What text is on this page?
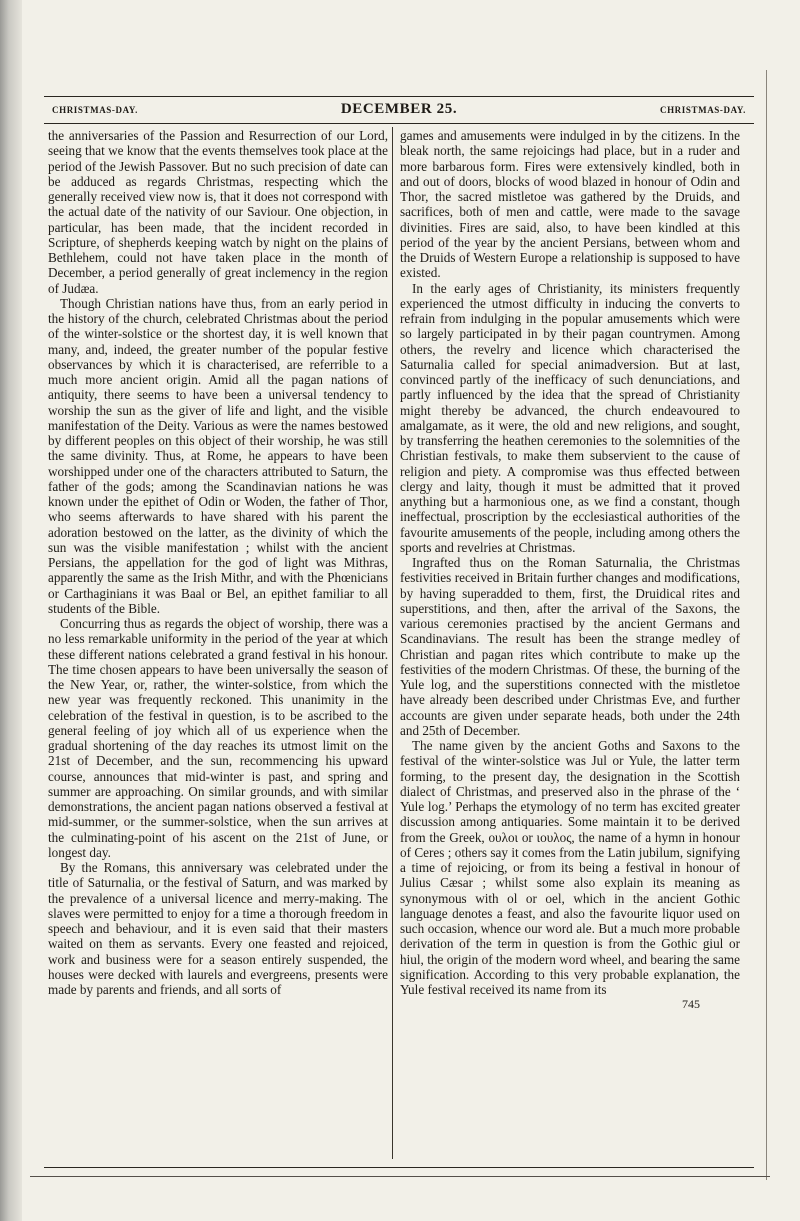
CHRISTMAS-DAY.	DECEMBER 25.	CHRISTMAS-DAY.

the anniversaries of the Passion and Resurrection of our Lord, seeing that we know that the events themselves took place at the period of the Jewish Passover. But no such precision of date can be adduced as regards Christmas, respecting which the generally received view now is, that it does not correspond with the actual date of the nativity of our Saviour. One objection, in particular, has been made, that the incident recorded in Scripture, of shepherds keeping watch by night on the plains of Bethlehem, could not have taken place in the month of December, a period generally of great inclemency in the region of Judæa.

Though Christian nations have thus, from an early period in the history of the church, celebrated Christmas about the period of the winter-solstice or the shortest day, it is well known that many, and, indeed, the greater number of the popular festive observances by which it is characterised, are referrible to a much more ancient origin. Amid all the pagan nations of antiquity, there seems to have been a universal tendency to worship the sun as the giver of life and light, and the visible manifestation of the Deity. Various as were the names bestowed by different peoples on this object of their worship, he was still the same divinity. Thus, at Rome, he appears to have been worshipped under one of the characters attributed to Saturn, the father of the gods; among the Scandinavian nations he was known under the epithet of Odin or Woden, the father of Thor, who seems afterwards to have shared with his parent the adoration bestowed on the latter, as the divinity of which the sun was the visible manifestation ; whilst with the ancient Persians, the appellation for the god of light was Mithras, apparently the same as the Irish Mithr, and with the Phœnicians or Carthaginians it was Baal or Bel, an epithet familiar to all students of the Bible.

Concurring thus as regards the object of worship, there was a no less remarkable uniformity in the period of the year at which these different nations celebrated a grand festival in his honour. The time chosen appears to have been universally the season of the New Year, or, rather, the winter-solstice, from which the new year was frequently reckoned. This unanimity in the celebration of the festival in question, is to be ascribed to the general feeling of joy which all of us experience when the gradual shortening of the day reaches its utmost limit on the 21st of December, and the sun, recommencing his upward course, announces that mid-winter is past, and spring and summer are approaching. On similar grounds, and with similar demonstrations, the ancient pagan nations observed a festival at mid-summer, or the summer-solstice, when the sun arrives at the culminating-point of his ascent on the 21st of June, or longest day.

By the Romans, this anniversary was celebrated under the title of Saturnalia, or the festival of Saturn, and was marked by the prevalence of a universal licence and merry-making. The slaves were permitted to enjoy for a time a thorough freedom in speech and behaviour, and it is even said that their masters waited on them as servants. Every one feasted and rejoiced, work and business were for a season entirely suspended, the houses were decked with laurels and evergreens, presents were made by parents and friends, and all sorts of

games and amusements were indulged in by the citizens. In the bleak north, the same rejoicings had place, but in a ruder and more barbarous form. Fires were extensively kindled, both in and out of doors, blocks of wood blazed in honour of Odin and Thor, the sacred mistletoe was gathered by the Druids, and sacrifices, both of men and cattle, were made to the savage divinities. Fires are said, also, to have been kindled at this period of the year by the ancient Persians, between whom and the Druids of Western Europe a relationship is supposed to have existed.

In the early ages of Christianity, its ministers frequently experienced the utmost difficulty in inducing the converts to refrain from indulging in the popular amusements which were so largely participated in by their pagan countrymen. Among others, the revelry and licence which characterised the Saturnalia called for special animadversion. But at last, convinced partly of the inefficacy of such denunciations, and partly influenced by the idea that the spread of Christianity might thereby be advanced, the church endeavoured to amalgamate, as it were, the old and new religions, and sought, by transferring the heathen ceremonies to the solemnities of the Christian festivals, to make them subservient to the cause of religion and piety. A compromise was thus effected between clergy and laity, though it must be admitted that it proved anything but a harmonious one, as we find a constant, though ineffectual, proscription by the ecclesiastical authorities of the favourite amusements of the people, including among others the sports and revelries at Christmas.

Ingrafted thus on the Roman Saturnalia, the Christmas festivities received in Britain further changes and modifications, by having superadded to them, first, the Druidical rites and superstitions, and then, after the arrival of the Saxons, the various ceremonies practised by the ancient Germans and Scandinavians. The result has been the strange medley of Christian and pagan rites which contribute to make up the festivities of the modern Christmas. Of these, the burning of the Yule log, and the superstitions connected with the mistletoe have already been described under Christmas Eve, and further accounts are given under separate heads, both under the 24th and 25th of December.

The name given by the ancient Goths and Saxons to the festival of the winter-solstice was Jul or Yule, the latter term forming, to the present day, the designation in the Scottish dialect of Christmas, and preserved also in the phrase of the ‘ Yule log.’ Perhaps the etymology of no term has excited greater discussion among antiquaries. Some maintain it to be derived from the Greek, ουλοι or ιουλος, the name of a hymn in honour of Ceres ; others say it comes from the Latin jubilum, signifying a time of rejoicing, or from its being a festival in honour of Julius Cæsar ; whilst some also explain its meaning as synonymous with ol or oel, which in the ancient Gothic language denotes a feast, and also the favourite liquor used on such occasion, whence our word ale. But a much more probable derivation of the term in question is from the Gothic giul or hiul, the origin of the modern word wheel, and bearing the same signification. According to this very probable explanation, the Yule festival received its name from its

745
